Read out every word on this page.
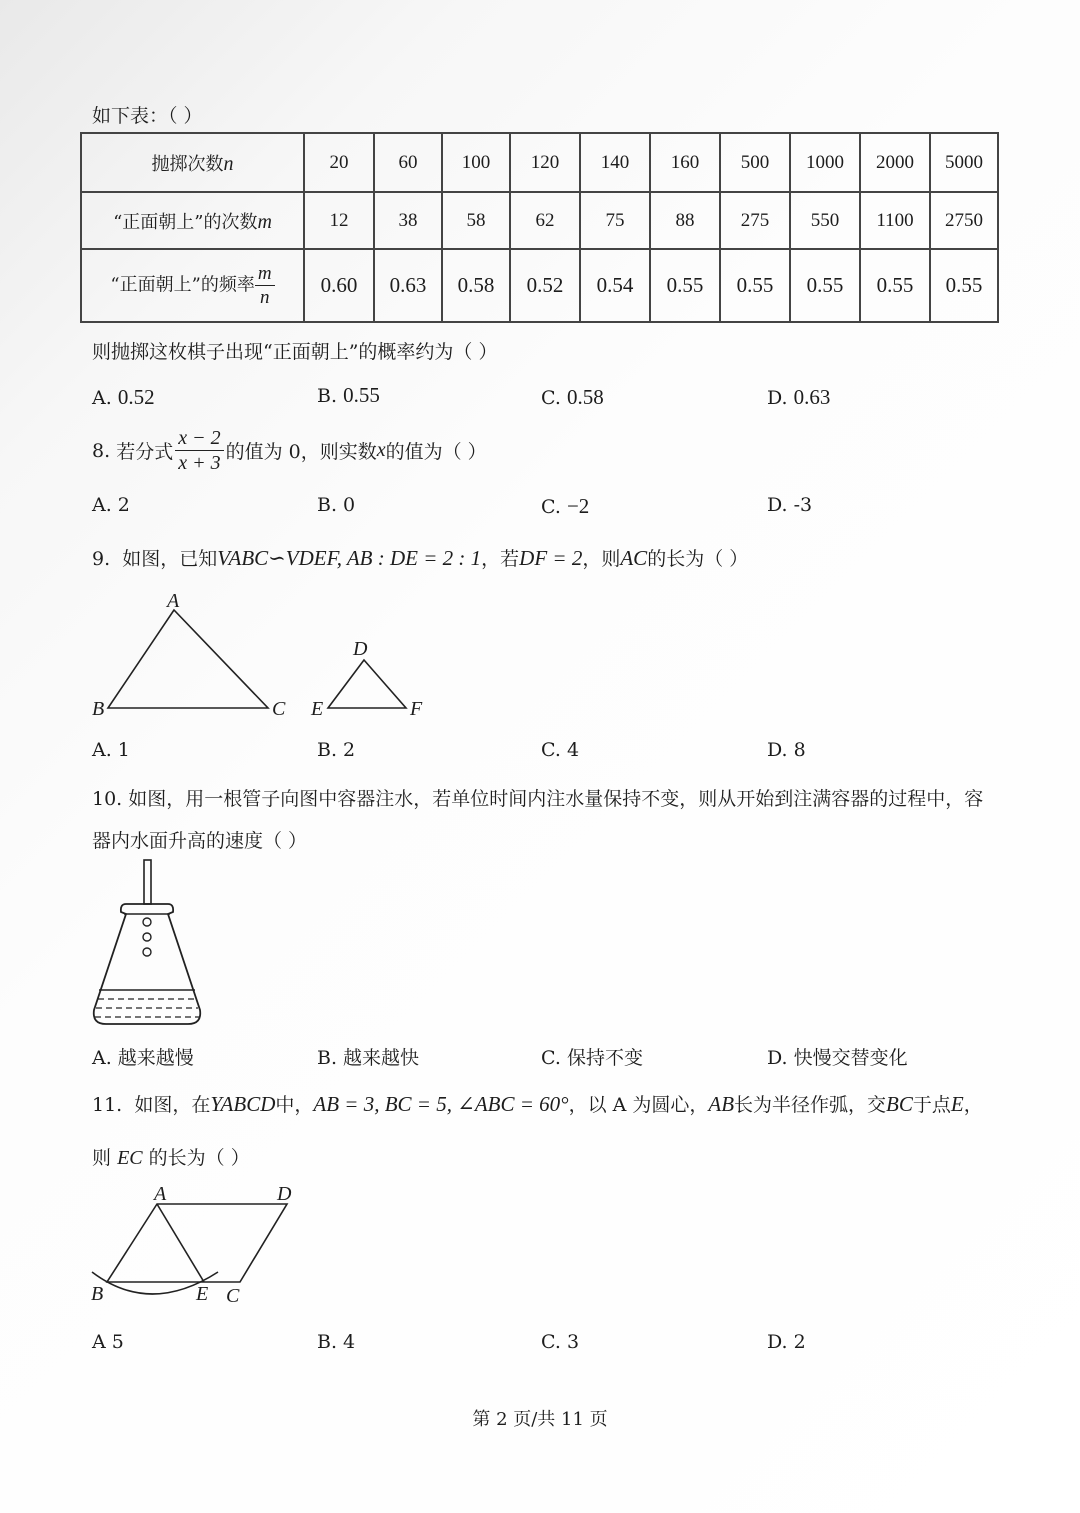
如下表：（ ）
抛掷次数n	20	60	100	120	140	160	500	1000	2000	5000
“正面朝上”的次数m	12	38	58	62	75	88	275	550	1100	2750
“正面朝上”的频率 $\frac{m}{n}$	0.60	0.63	0.58	0.52	0.54	0.55	0.55	0.55	0.55	0.55
则抛掷这枚棋子出现“正面朝上”的概率约为（ ）
A. 0.52	B. 0.55	C. 0.58	D. 0.63
8.
若分式 $\frac{x - 2}{x + 3}$ 的值为 0，则实数 x 的值为（ ）
A. 2	B. 0	C. −2	D. -3
9. 如图，已知VABC∽VDEF, AB : DE = 2 : 1，若DF = 2，则AC的长为（ ）
A
B	C
D
E	F
A. 1	B. 2	C. 4	D. 8
10. 如图，用一根管子向图中容器注水，若单位时间内注水量保持不变，则从开始到注满容器的过程中，容
器内水面升高的速度（ ）
A. 越来越慢	B. 越来越快	C. 保持不变	D. 快慢交替变化
11. 如图，在YABCD中，AB = 3, BC = 5, ∠ABC = 60°，以 A 为圆心，AB长为半径作弧，交BC于点E，
则 EC 的长为（ ）
A	D
B	E C
A 5	B. 4	C. 3	D. 2
第 2 页/共 11 页
